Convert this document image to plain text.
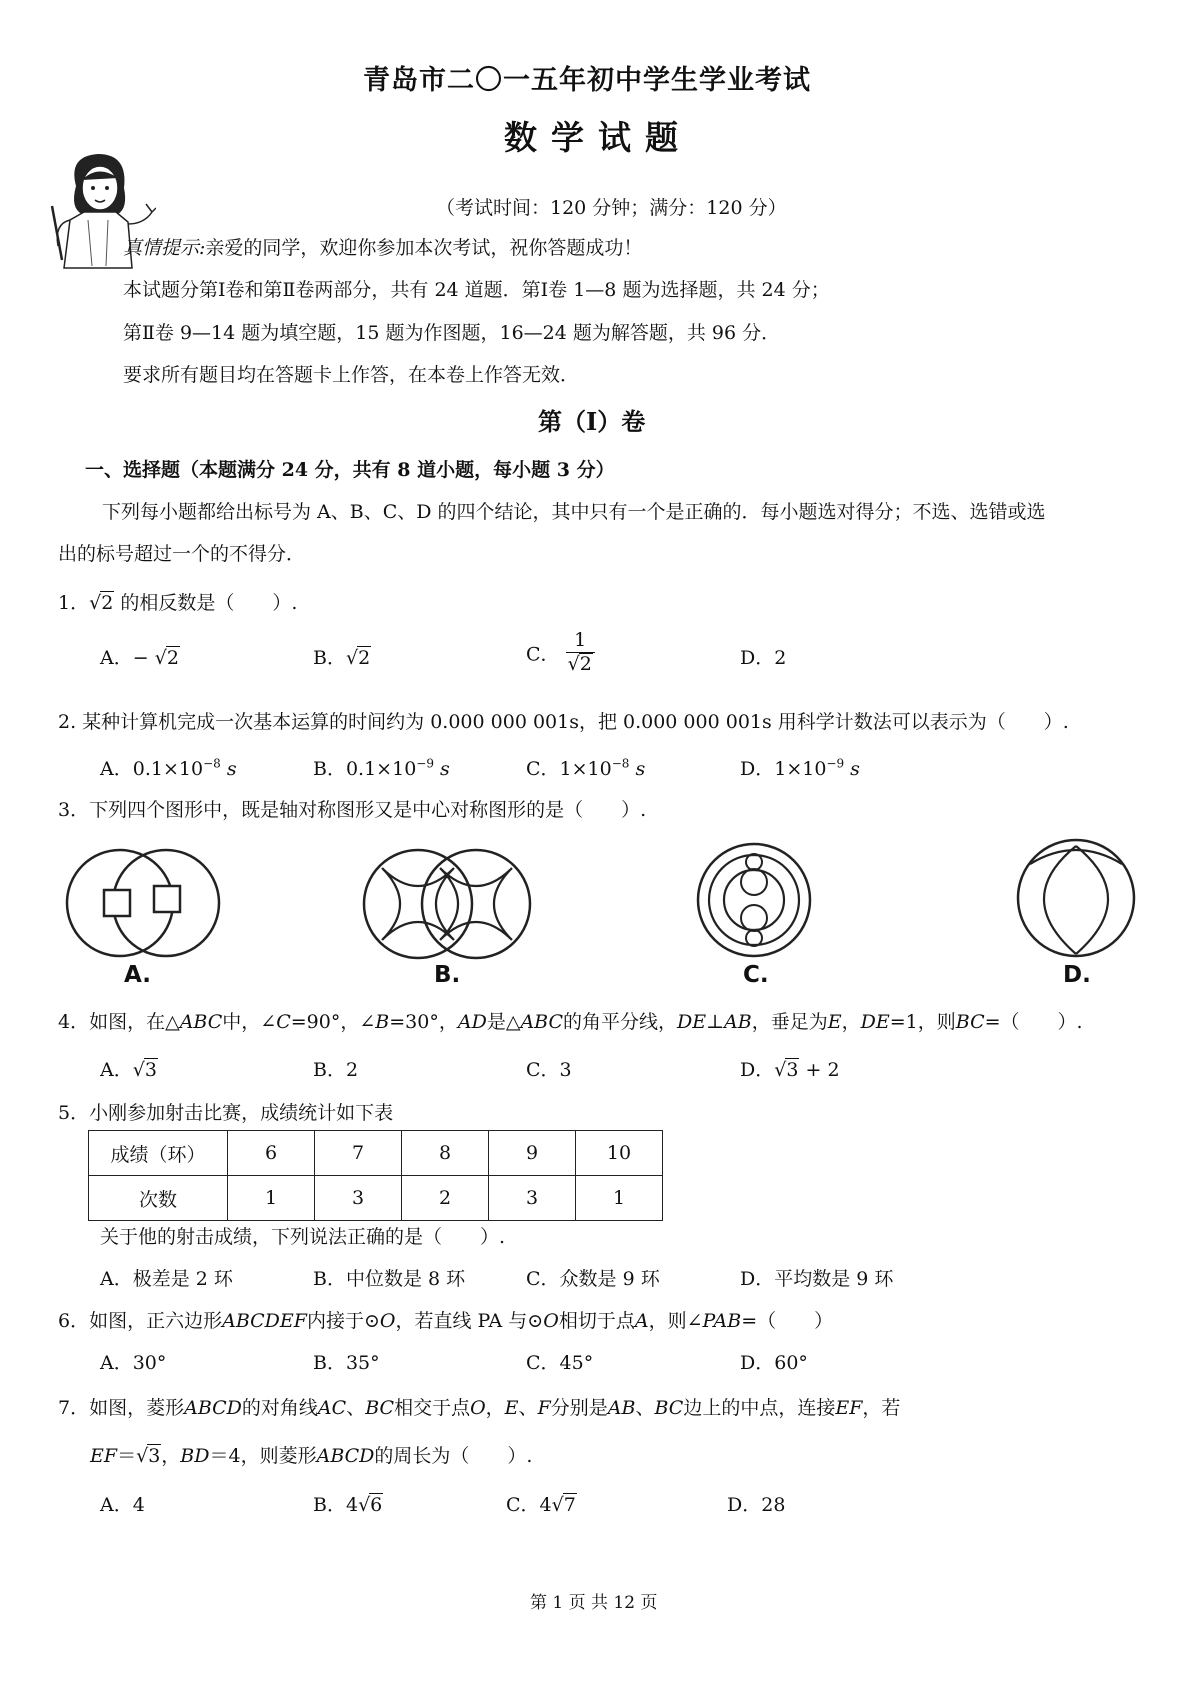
青岛市二〇一五年初中学生学业考试
数学试题
（考试时间：120 分钟；满分：120 分）
真情提示:亲爱的同学，欢迎你参加本次考试，祝你答题成功！
本试题分第Ⅰ卷和第Ⅱ卷两部分，共有 24 道题．第Ⅰ卷 1—8 题为选择题，共 24 分；
第Ⅱ卷 9—14 题为填空题，15 题为作图题，16—24 题为解答题，共 96 分．
要求所有题目均在答题卡上作答，在本卷上作答无效．
第（Ⅰ）卷
一、选择题（本题满分 24 分，共有 8 道小题，每小题 3 分）
下列每小题都给出标号为 A、B、C、D 的四个结论，其中只有一个是正确的．每小题选对得分；不选、选错或选
出的标号超过一个的不得分．
1．√2 的相反数是（　　）.
A．− √2	B．√2	C． $\frac{1}{√2}$	D．2
2. 某种计算机完成一次基本运算的时间约为 0.000 000 001s，把 0.000 000 001s 用科学计数法可以表示为（　　）.
A．$0.1\times 10^{-8}$ s	B．$0.1\times 10^{-9}$ s	C．$1\times 10^{-8}$ s	D．$1\times 10^{-9}$ s
3．下列四个图形中，既是轴对称图形又是中心对称图形的是（　　）.
A.	B.	C.	D.
4．如图，在△ABC中，∠C=90°，∠B=30°，AD是△ABC的角平分线，DE⊥AB，垂足为E，DE=1，则BC=（　　）.
A．√3	B．2	C．3	D．√3 + 2
5．小刚参加射击比赛，成绩统计如下表
成绩（环）	6	7	8	9	10
次数	1	3	2	3	1
关于他的射击成绩，下列说法正确的是（　　）.
A．极差是 2 环	B．中位数是 8 环	C．众数是 9 环	D．平均数是 9 环
6．如图，正六边形ABCDEF内接于⊙O，若直线 PA 与⊙O相切于点A，则∠PAB=（　　）
A．30°	B．35°	C．45°	D．60°
7．如图，菱形ABCD的对角线AC、BC相交于点O，E、F分别是AB、BC边上的中点，连接EF，若
EF＝√3，BD＝4，则菱形ABCD的周长为（　　）.
A．4	B．4√6	C．4√7	D．28
第 1 页 共 12 页
